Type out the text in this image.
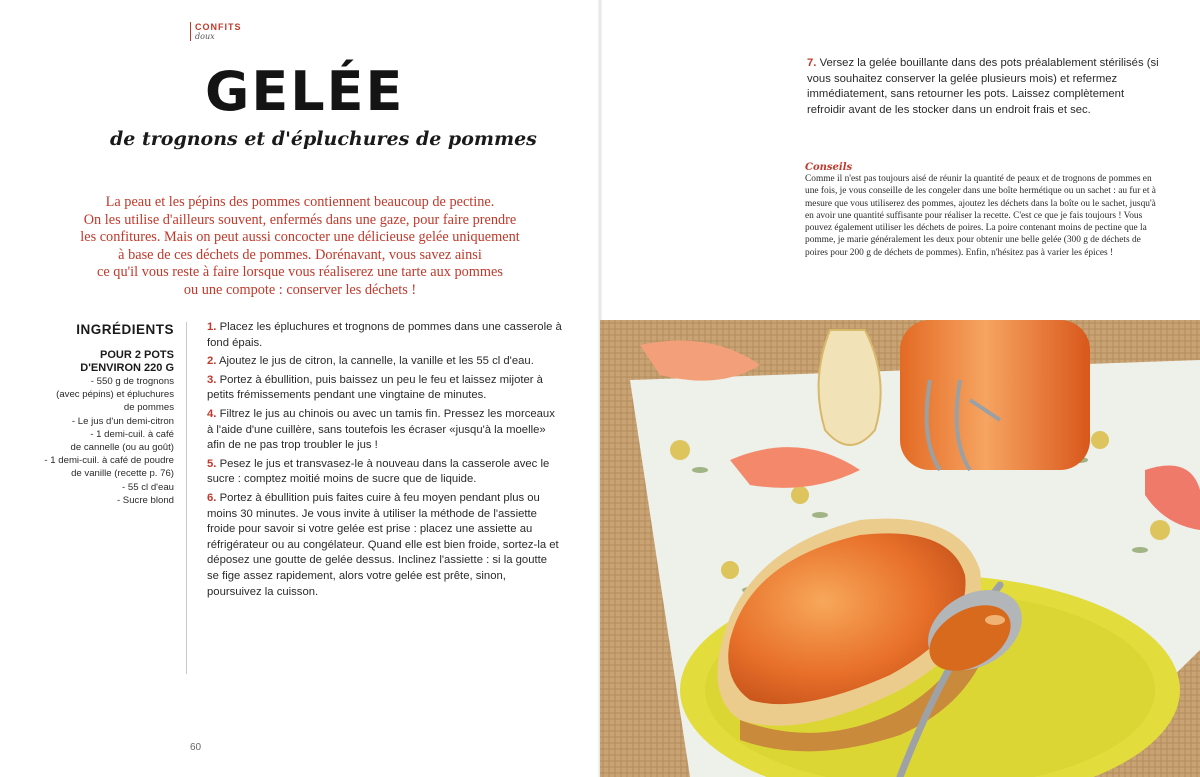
CONFITS
doux
GELÉE
de trognons et d'épluchures de pommes

La peau et les pépins des pommes contiennent beaucoup de pectine.

On les utilise d'ailleurs souvent, enfermés dans une gaze, pour faire prendre

les confitures. Mais on peut aussi concocter une délicieuse gelée uniquement

à base de ces déchets de pommes. Dorénavant, vous savez ainsi

ce qu'il vous reste à faire lorsque vous réaliserez une tarte aux pommes

ou une compote : conserver les déchets !

INGRÉDIENTS
POUR 2 POTS
D'ENVIRON 220 G
- 550 g de trognons
(avec pépins) et épluchures
de pommes
- Le jus d'un demi-citron
- 1 demi-cuil. à café
de cannelle (ou au goût)
- 1 demi-cuil. à café de poudre
de vanille (recette p. 76)
- 55 cl d'eau
- Sucre blond
1. Placez les épluchures et trognons de pommes dans une casserole à fond épais.
2. Ajoutez le jus de citron, la cannelle, la vanille et les 55 cl d'eau.
3. Portez à ébullition, puis baissez un peu le feu et laissez mijoter à petits frémissements pendant une vingtaine de minutes.
4. Filtrez le jus au chinois ou avec un tamis fin. Pressez les morceaux à l'aide d'une cuillère, sans toutefois les écraser «jusqu'à la moelle» afin de ne pas trop troubler le jus !
5. Pesez le jus et transvasez-le à nouveau dans la casserole avec le sucre : comptez moitié moins de sucre que de liquide.
6. Portez à ébullition puis faites cuire à feu moyen pendant plus ou moins 30 minutes. Je vous invite à utiliser la méthode de l'assiette froide pour savoir si votre gelée est prise : placez une assiette au réfrigérateur ou au congélateur. Quand elle est bien froide, sortez-la et déposez une goutte de gelée dessus. Inclinez l'assiette : si la goutte se fige assez rapidement, alors votre gelée est prête, sinon, poursuivez la cuisson.
60
7. Versez la gelée bouillante dans des pots préalablement stérilisés (si vous souhaitez conserver la gelée plusieurs mois) et refermez immédiatement, sans retourner les pots. Laissez complètement refroidir avant de les stocker dans un endroit frais et sec.
Conseils
Comme il n'est pas toujours aisé de réunir la quantité de peaux et de trognons de pommes en une fois, je vous conseille de les congeler dans une boîte hermétique ou un sachet : au fur et à mesure que vous utiliserez des pommes, ajoutez les déchets dans la boîte ou le sachet, jusqu'à en avoir une quantité suffisante pour réaliser la recette. C'est ce que je fais toujours ! Vous pouvez également utiliser les déchets de poires. La poire contenant moins de pectine que la pomme, je marie généralement les deux pour obtenir une belle gelée (300 g de déchets de poires pour 200 g de déchets de pommes). Enfin, n'hésitez pas à varier les épices !
